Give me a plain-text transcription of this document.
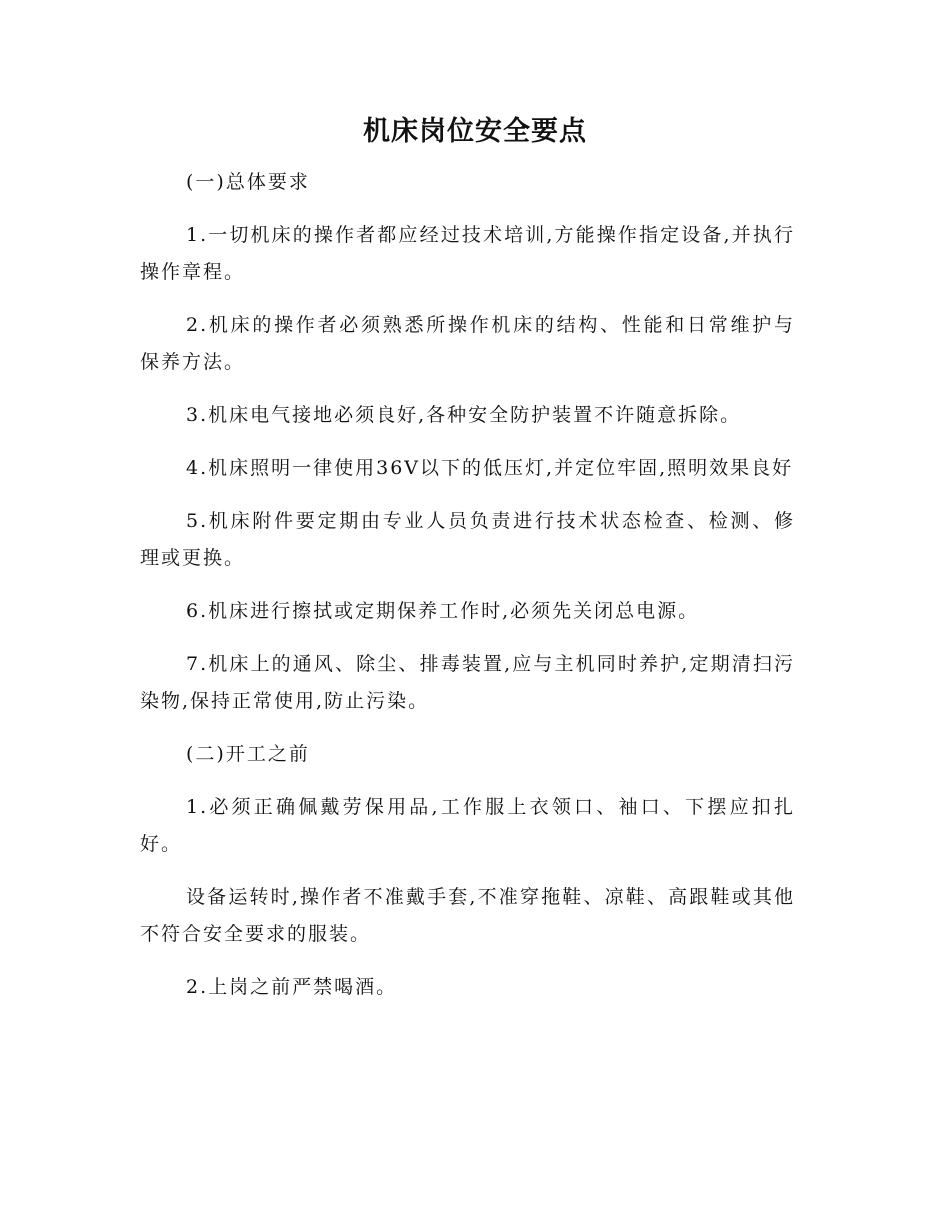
机床岗位安全要点

(一)总体要求

1.一切机床的操作者都应经过技术培训,方能操作指定设备,并执行操作章程。

2.机床的操作者必须熟悉所操作机床的结构、性能和日常维护与保养方法。

3.机床电气接地必须良好,各种安全防护装置不许随意拆除。

4.机床照明一律使用36V以下的低压灯,并定位牢固,照明效果良好

5.机床附件要定期由专业人员负责进行技术状态检查、检测、修理或更换。

6.机床进行擦拭或定期保养工作时,必须先关闭总电源。

7.机床上的通风、除尘、排毒装置,应与主机同时养护,定期清扫污染物,保持正常使用,防止污染。

(二)开工之前

1.必须正确佩戴劳保用品,工作服上衣领口、袖口、下摆应扣扎好。

设备运转时,操作者不准戴手套,不准穿拖鞋、凉鞋、高跟鞋或其他不符合安全要求的服装。

2.上岗之前严禁喝酒。
